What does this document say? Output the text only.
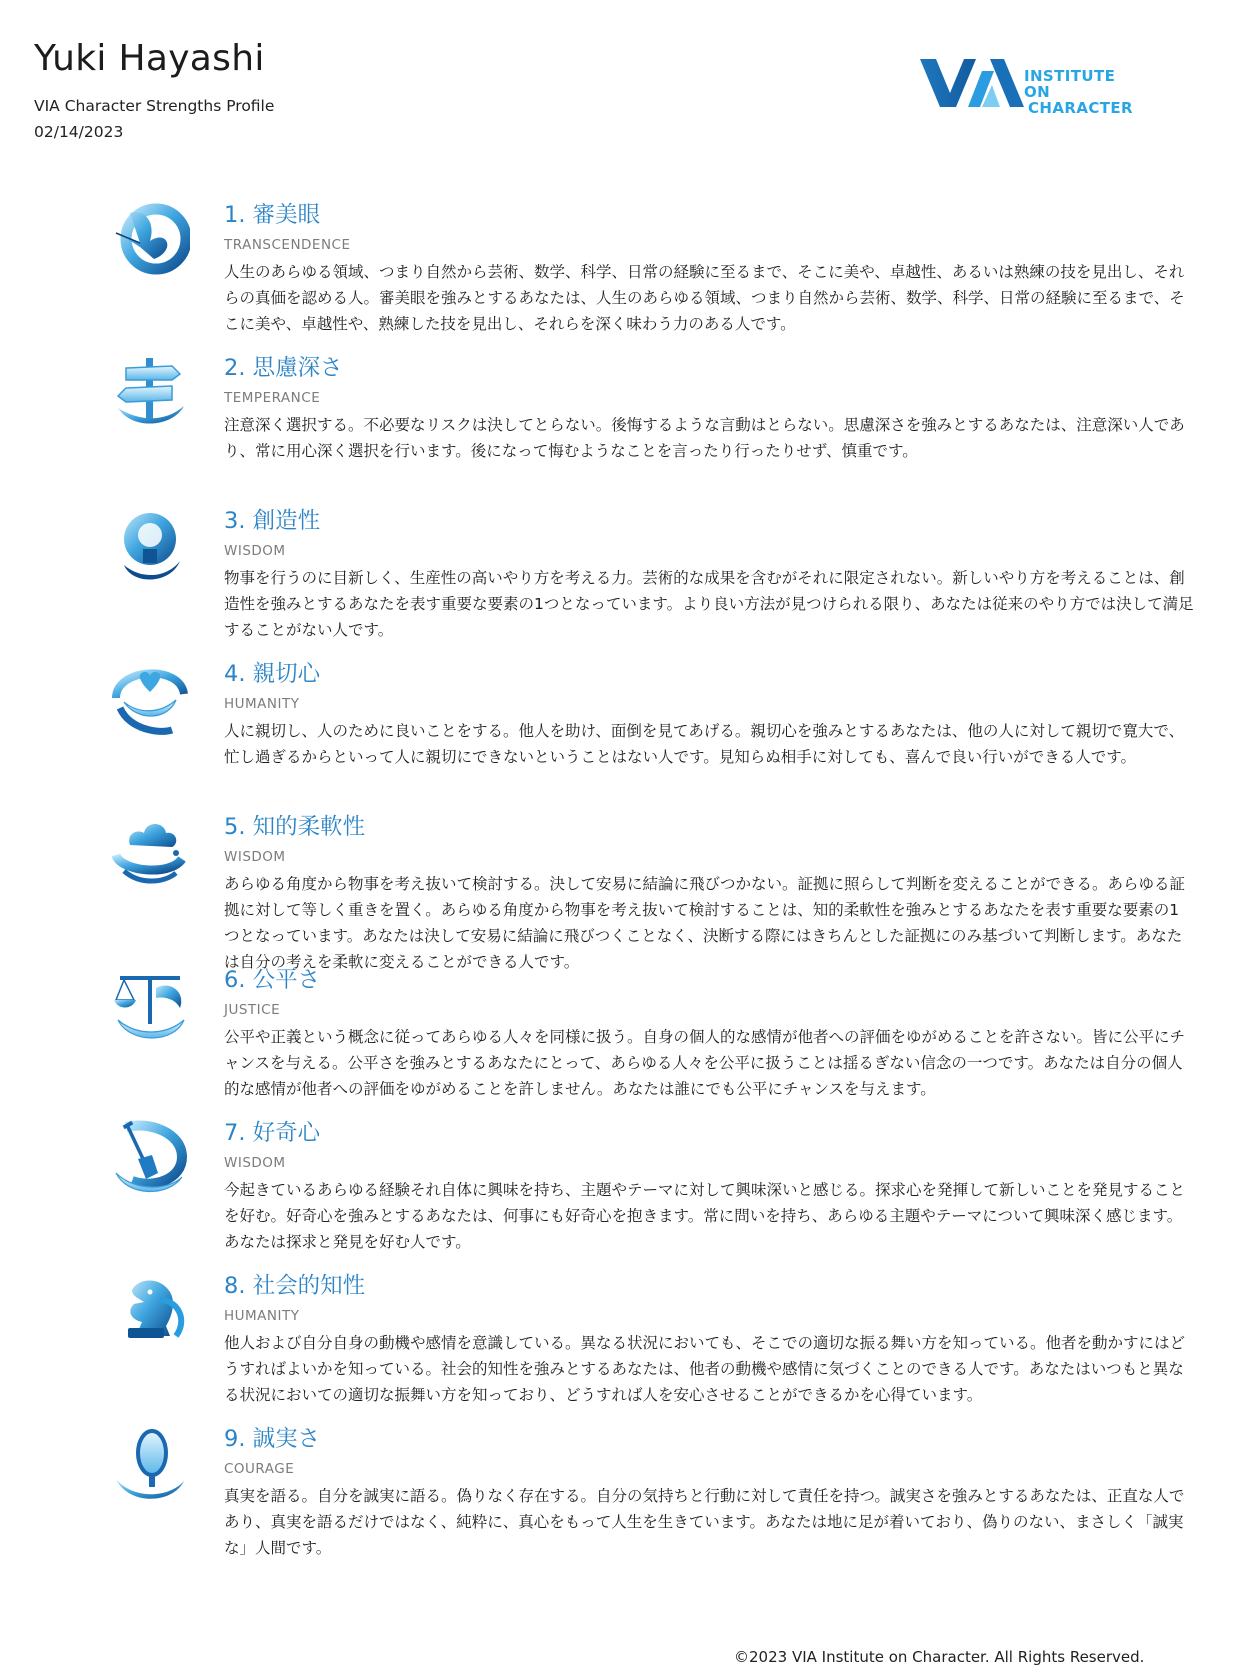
Yuki Hayashi
VIA Character Strengths Profile
02/14/2023
INSTITUTE ON
CHARACTER
1. 審美眼
TRANSCENDENCE

人生のあらゆる領域、つまり自然から芸術、数学、科学、日常の経験に至るまで、そこに美や、卓越性、あるいは熟練の技を見出し、それらの真価を認める人。審美眼を強みとするあなたは、人生のあらゆる領域、つまり自然から芸術、数学、科学、日常の経験に至るまで、そこに美や、卓越性や、熟練した技を見出し、それらを深く味わう力のある人です。

2. 思慮深さ
TEMPERANCE

注意深く選択する。不必要なリスクは決してとらない。後悔するような言動はとらない。思慮深さを強みとするあなたは、注意深い人であり、常に用心深く選択を行います。後になって悔むようなことを言ったり行ったりせず、慎重です。

3. 創造性
WISDOM

物事を行うのに目新しく、生産性の高いやり方を考える力。芸術的な成果を含むがそれに限定されない。新しいやり方を考えることは、創造性を強みとするあなたを表す重要な要素の1つとなっています。より良い方法が見つけられる限り、あなたは従来のやり方では決して満足することがない人です。

4. 親切心
HUMANITY

人に親切し、人のために良いことをする。他人を助け、面倒を見てあげる。親切心を強みとするあなたは、他の人に対して親切で寛大で、忙し過ぎるからといって人に親切にできないということはない人です。見知らぬ相手に対しても、喜んで良い行いができる人です。

5. 知的柔軟性
WISDOM

あらゆる角度から物事を考え抜いて検討する。決して安易に結論に飛びつかない。証拠に照らして判断を変えることができる。あらゆる証拠に対して等しく重きを置く。あらゆる角度から物事を考え抜いて検討することは、知的柔軟性を強みとするあなたを表す重要な要素の1つとなっています。あなたは決して安易に結論に飛びつくことなく、決断する際にはきちんとした証拠にのみ基づいて判断します。あなたは自分の考えを柔軟に変えることができる人です。

6. 公平さ
JUSTICE

公平や正義という概念に従ってあらゆる人々を同様に扱う。自身の個人的な感情が他者への評価をゆがめることを許さない。皆に公平にチャンスを与える。公平さを強みとするあなたにとって、あらゆる人々を公平に扱うことは揺るぎない信念の一つです。あなたは自分の個人的な感情が他者への評価をゆがめることを許しません。あなたは誰にでも公平にチャンスを与えます。

7. 好奇心
WISDOM

今起きているあらゆる経験それ自体に興味を持ち、主題やテーマに対して興味深いと感じる。探求心を発揮して新しいことを発見することを好む。好奇心を強みとするあなたは、何事にも好奇心を抱きます。常に問いを持ち、あらゆる主題やテーマについて興味深く感じます。あなたは探求と発見を好む人です。

8. 社会的知性
HUMANITY

他人および自分自身の動機や感情を意識している。異なる状況においても、そこでの適切な振る舞い方を知っている。他者を動かすにはどうすればよいかを知っている。社会的知性を強みとするあなたは、他者の動機や感情に気づくことのできる人です。あなたはいつもと異なる状況においての適切な振舞い方を知っており、どうすれば人を安心させることができるかを心得ています。

9. 誠実さ
COURAGE

真実を語る。自分を誠実に語る。偽りなく存在する。自分の気持ちと行動に対して責任を持つ。誠実さを強みとするあなたは、正直な人であり、真実を語るだけではなく、純粋に、真心をもって人生を生きています。あなたは地に足が着いており、偽りのない、まさしく「誠実な」人間です。

©2023 VIA Institute on Character. All Rights Reserved.
